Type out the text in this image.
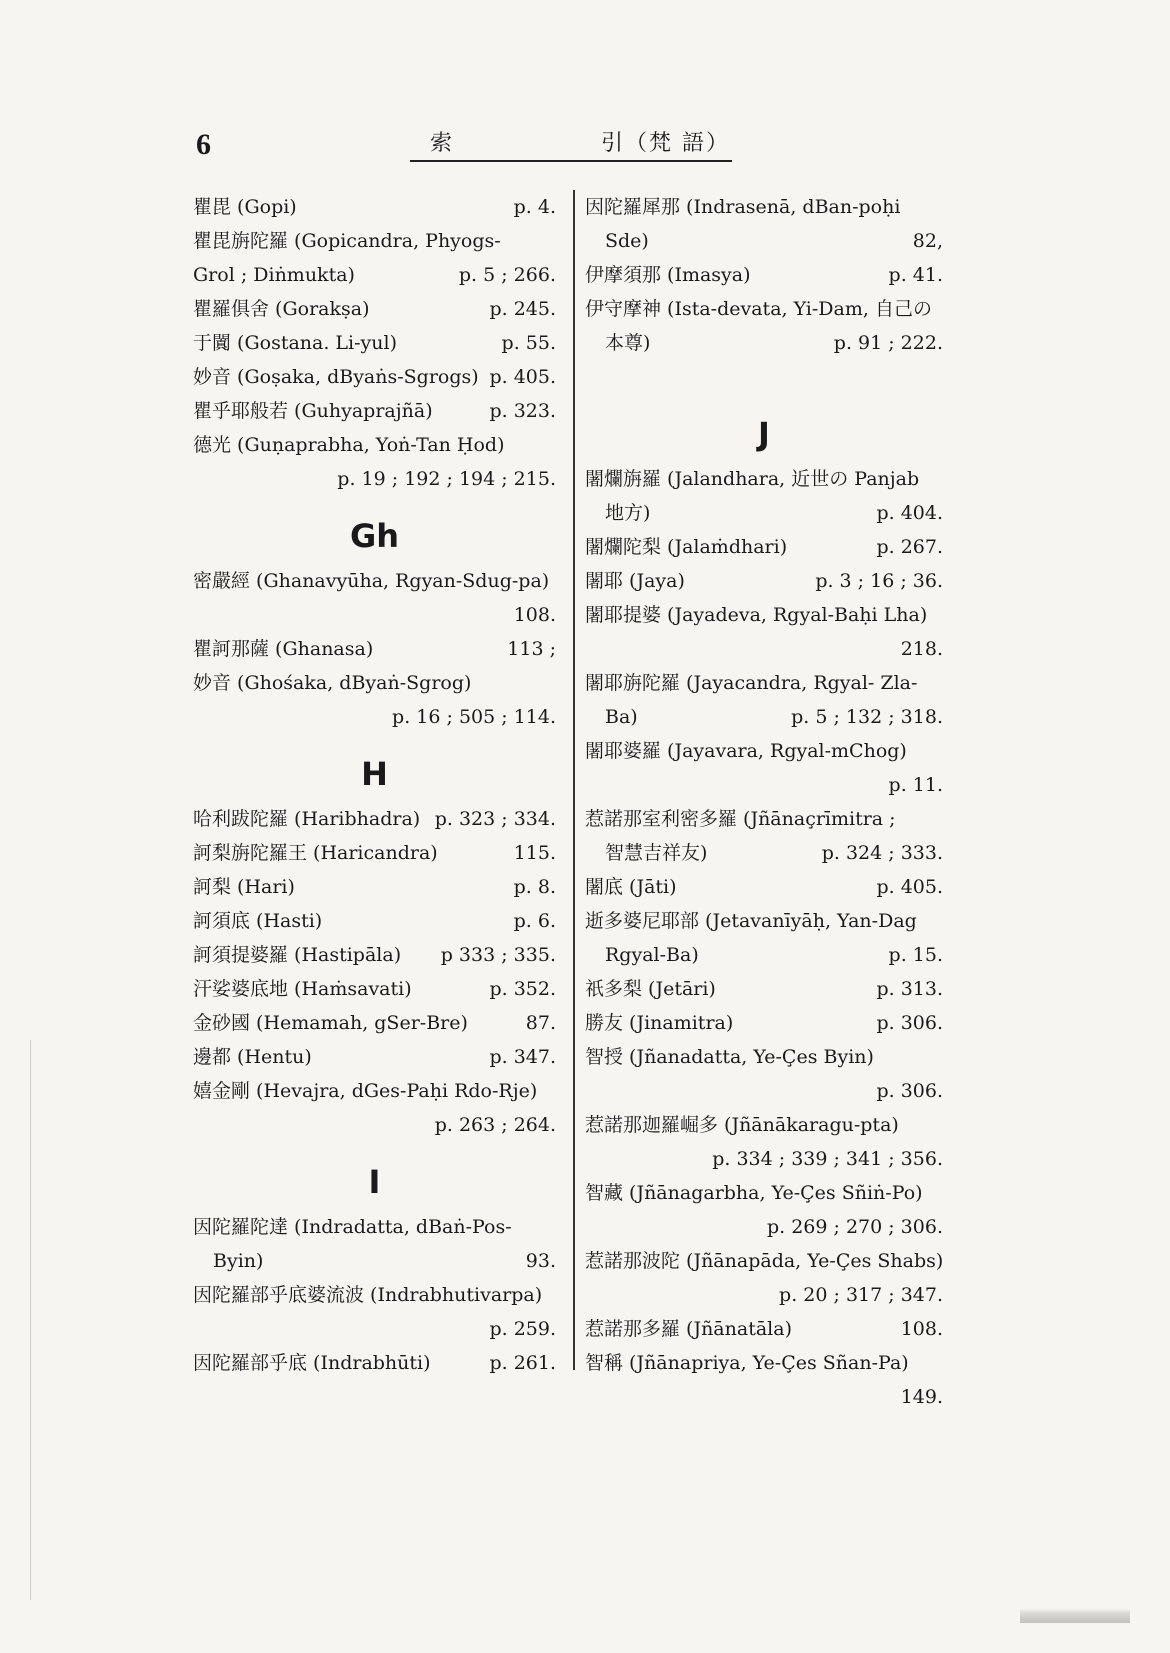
6	索	引（梵 語）
瞿毘 (Gopi)	p. 4.
瞿毘旃陀羅 (Gopicandra, Phyogs-
Grol ; Diṅmukta)	p. 5 ; 266.
瞿羅俱舍 (Gorakṣa)	p. 245.
于闐 (Gostana. Li-yul)	p. 55.
妙音 (Goṣaka, dByaṅs-Sgrogs) p. 405.
瞿乎耶般若 (Guhyaprajñā)	p. 323.
德光 (Guṇaprabha, Yoṅ-Tan Ḥod)
p. 19 ; 192 ; 194 ; 215.
Gh
密嚴經 (Ghanavyūha, Rgyan-Sdug-pa)
108.
瞿訶那薩 (Ghanasa)	113 ;
妙音 (Ghośaka, dByaṅ-Sgrog)
p. 16 ; 505 ; 114.
H
哈利跋陀羅 (Haribhadra) p. 323 ; 334.
訶梨旃陀羅王 (Haricandra)	115.
訶梨 (Hari)	p. 8.
訶須底 (Hasti)	p. 6.
訶須提婆羅 (Hastipāla) p 333 ; 335.
汗娑婆底地 (Haṁsavati)	p. 352.
金砂國 (Hemamah, gSer-Bre)	87.
邊都 (Hentu)	p. 347.
嬉金剛 (Hevajra, dGes-Paḥi Rdo-Rje)
p. 263 ; 264.
I
因陀羅陀達 (Indradatta, dBaṅ-Pos-
Byin)	93.
因陀羅部乎底婆流波 (Indrabhutivarpa)
p. 259.
因陀羅部乎底 (Indrabhūti)	p. 261.
因陀羅犀那 (Indrasenā, dBan-poḥi
Sde)	82,
伊摩須那 (Imasya)	p. 41.
伊守摩神 (Ista-devata, Yi-Dam, 自己の
本尊)	p. 91 ; 222.
J
闍爛旃羅 (Jalandhara, 近世の Panjab
地方)	p. 404.
闍爛陀梨 (Jalaṁdhari)	p. 267.
闍耶 (Jaya)	p. 3 ; 16 ; 36.
闍耶提婆 (Jayadeva, Rgyal-Baḥi Lha)
218.
闍耶旃陀羅 (Jayacandra, Rgyal- Zla-
Ba)	p. 5 ; 132 ; 318.
闍耶婆羅 (Jayavara, Rgyal-mChog)
p. 11.
惹諾那室利密多羅 (Jñānaçrīmitra ;
智慧吉祥友)	p. 324 ; 333.
闍底 (Jāti)	p. 405.
逝多婆尼耶部 (Jetavanīyāḥ, Yan-Dag
Rgyal-Ba)	p. 15.
祇多梨 (Jetāri)	p. 313.
勝友 (Jinamitra)	p. 306.
智授 (Jñanadatta, Ye-Çes Byin)
p. 306.
惹諾那迦羅崛多 (Jñānākaragu-pta)
p. 334 ; 339 ; 341 ; 356.
智藏 (Jñānagarbha, Ye-Çes Sñiṅ-Po)
p. 269 ; 270 ; 306.
惹諾那波陀 (Jñānapāda, Ye-Çes Shabs)
p. 20 ; 317 ; 347.
惹諾那多羅 (Jñānatāla)	108.
智稱 (Jñānapriya, Ye-Çes Sñan-Pa)
149.
